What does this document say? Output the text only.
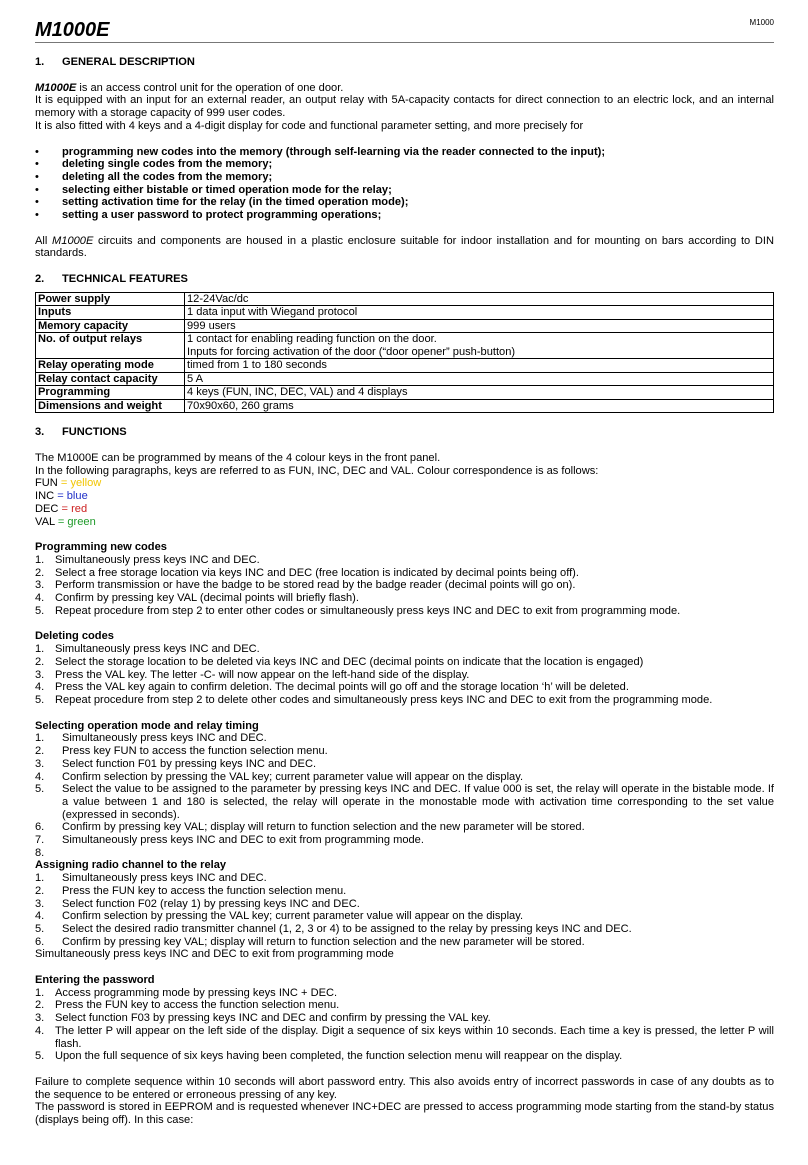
M1000E	M1000
1.	GENERAL DESCRIPTION

M1000E is an access control unit for the operation of one door.

It is equipped with an input for an external reader, an output relay with 5A-capacity contacts for direct connection to an electric lock, and an internal memory with a storage capacity of 999 user codes.

It is also fitted with 4 keys and a 4-digit display for code and functional parameter setting, and more precisely for

• programming new codes into the memory (through self-learning via the reader connected to the input);
• deleting single codes from the memory;
• deleting all the codes from the memory;
• selecting either bistable or timed operation mode for the relay;
• setting activation time for the relay (in the timed operation mode);
• setting a user password to protect programming operations;

All M1000E circuits and components are housed in a plastic enclosure suitable for indoor installation and for mounting on bars according to DIN standards.

2.	TECHNICAL FEATURES
Power supply	12-24Vac/dc
Inputs	1 data input with Wiegand protocol
Memory capacity	999 users
No. of output relays	1 contact for enabling reading function on the door.
Inputs for forcing activation of the door (“door opener” push-button)

Relay operating mode	timed from 1 to 180 seconds
Relay contact capacity	5 A
Programming	4 keys (FUN, INC, DEC, VAL) and 4 displays
Dimensions and weight	70x90x60, 260 grams
3.	FUNCTIONS

The M1000E can be programmed by means of the 4 colour keys in the front panel.

In the following paragraphs, keys are referred to as FUN, INC, DEC and VAL. Colour correspondence is as follows:

FUN = yellow
INC = blue
DEC = red
VAL = green
Programming new codes
1. Simultaneously press keys INC and DEC.
2. Select a free storage location via keys INC and DEC (free location is indicated by decimal points being off).
3. Perform transmission or have the badge to be stored read by the badge reader (decimal points will go on).
4. Confirm by pressing key VAL (decimal points will briefly flash).
5. Repeat procedure from step 2 to enter other codes or simultaneously press keys INC and DEC to exit from programming mode.
Deleting codes
1. Simultaneously press keys INC and DEC.
2. Select the storage location to be deleted via keys INC and DEC (decimal points on indicate that the location is engaged)
3. Press the VAL key. The letter -C- will now appear on the left-hand side of the display.
4. Press the VAL key again to confirm deletion. The decimal points will go off and the storage location ‘h’ will be deleted.
5. Repeat procedure from step 2 to delete other codes and simultaneously press keys INC and DEC to exit from the programming mode.
Selecting operation mode and relay timing
1.	Simultaneously press keys INC and DEC.
2.	Press key FUN to access the function selection menu.
3.	Select function F01 by pressing keys INC and DEC.
4.	Confirm selection by pressing the VAL key; current parameter value will appear on the display.
5.	Select the value to be assigned to the parameter by pressing keys INC and DEC. If value 000 is set, the relay will operate in the bistable mode. If a value between 1 and 180 is selected, the relay will operate in the monostable mode with activation time corresponding to the set value (expressed in seconds).
6.	Confirm by pressing key VAL; display will return to function selection and the new parameter will be stored.
7.	Simultaneously press keys INC and DEC to exit from programming mode.
8.
Assigning radio channel to the relay
1.	Simultaneously press keys INC and DEC.
2.	Press the FUN key to access the function selection menu.
3.	Select function F02 (relay 1) by pressing keys INC and DEC.
4.	Confirm selection by pressing the VAL key; current parameter value will appear on the display.
5.	Select the desired radio transmitter channel (1, 2, 3 or 4) to be assigned to the relay by pressing keys INC and DEC.
6.	Confirm by pressing key VAL; display will return to function selection and the new parameter will be stored.

Simultaneously press keys INC and DEC to exit from programming mode

Entering the password
1. Access programming mode by pressing keys INC + DEC.
2. Press the FUN key to access the function selection menu.
3. Select function F03 by pressing keys INC and DEC and confirm by pressing the VAL key.
4. The letter P will appear on the left side of the display. Digit a sequence of six keys within 10 seconds. Each time a key is pressed, the letter P will flash.
5. Upon the full sequence of six keys having been completed, the function selection menu will reappear on the display.

Failure to complete sequence within 10 seconds will abort password entry. This also avoids entry of incorrect passwords in case of any doubts as to the sequence to be entered or erroneous pressing of any key.

The password is stored in EEPROM and is requested whenever INC+DEC are pressed to access programming mode starting from the stand-by status (displays being off). In this case:
